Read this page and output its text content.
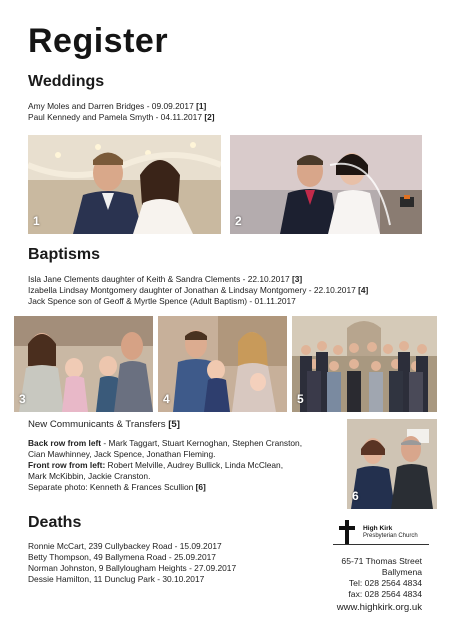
Register
Weddings
Amy Moles and Darren Bridges - 09.09.2017 [1]
Paul Kennedy and Pamela Smyth - 04.11.2017 [2]
1	2
Baptisms
Isla Jane Clements daughter of Keith & Sandra Clements - 22.10.2017 [3]
Izabella Lindsay Montgomery daughter of Jonathan & Lindsay Montgomery - 22.10.2017 [4]
Jack Spence son of Geoff & Myrtle Spence (Adult Baptism) - 01.11.2017
3	4	5
New Communicants & Transfers [5]
Back row from left - Mark Taggart, Stuart Kernoghan, Stephen Cranston,
Cian Mawhinney, Jack Spence, Jonathan Fleming.
Front row from left: Robert Melville, Audrey Bullick, Linda McClean,
Mark McKibbin, Jackie Cranston.
Separate photo: Kenneth & Frances Scullion [6]
6
Deaths
Ronnie McCart, 239 Cullybackey Road - 15.09.2017
Betty Thompson, 49 Ballymena Road - 25.09.2017
Norman Johnston, 9 Ballylougham Heights - 27.09.2017
Dessie Hamilton, 11 Dunclug Park - 30.10.2017
High Kirk
Presbyterian Church
65-71 Thomas Street
Ballymena
Tel: 028 2564 4834
fax: 028 2564 4834
www.highkirk.org.uk
